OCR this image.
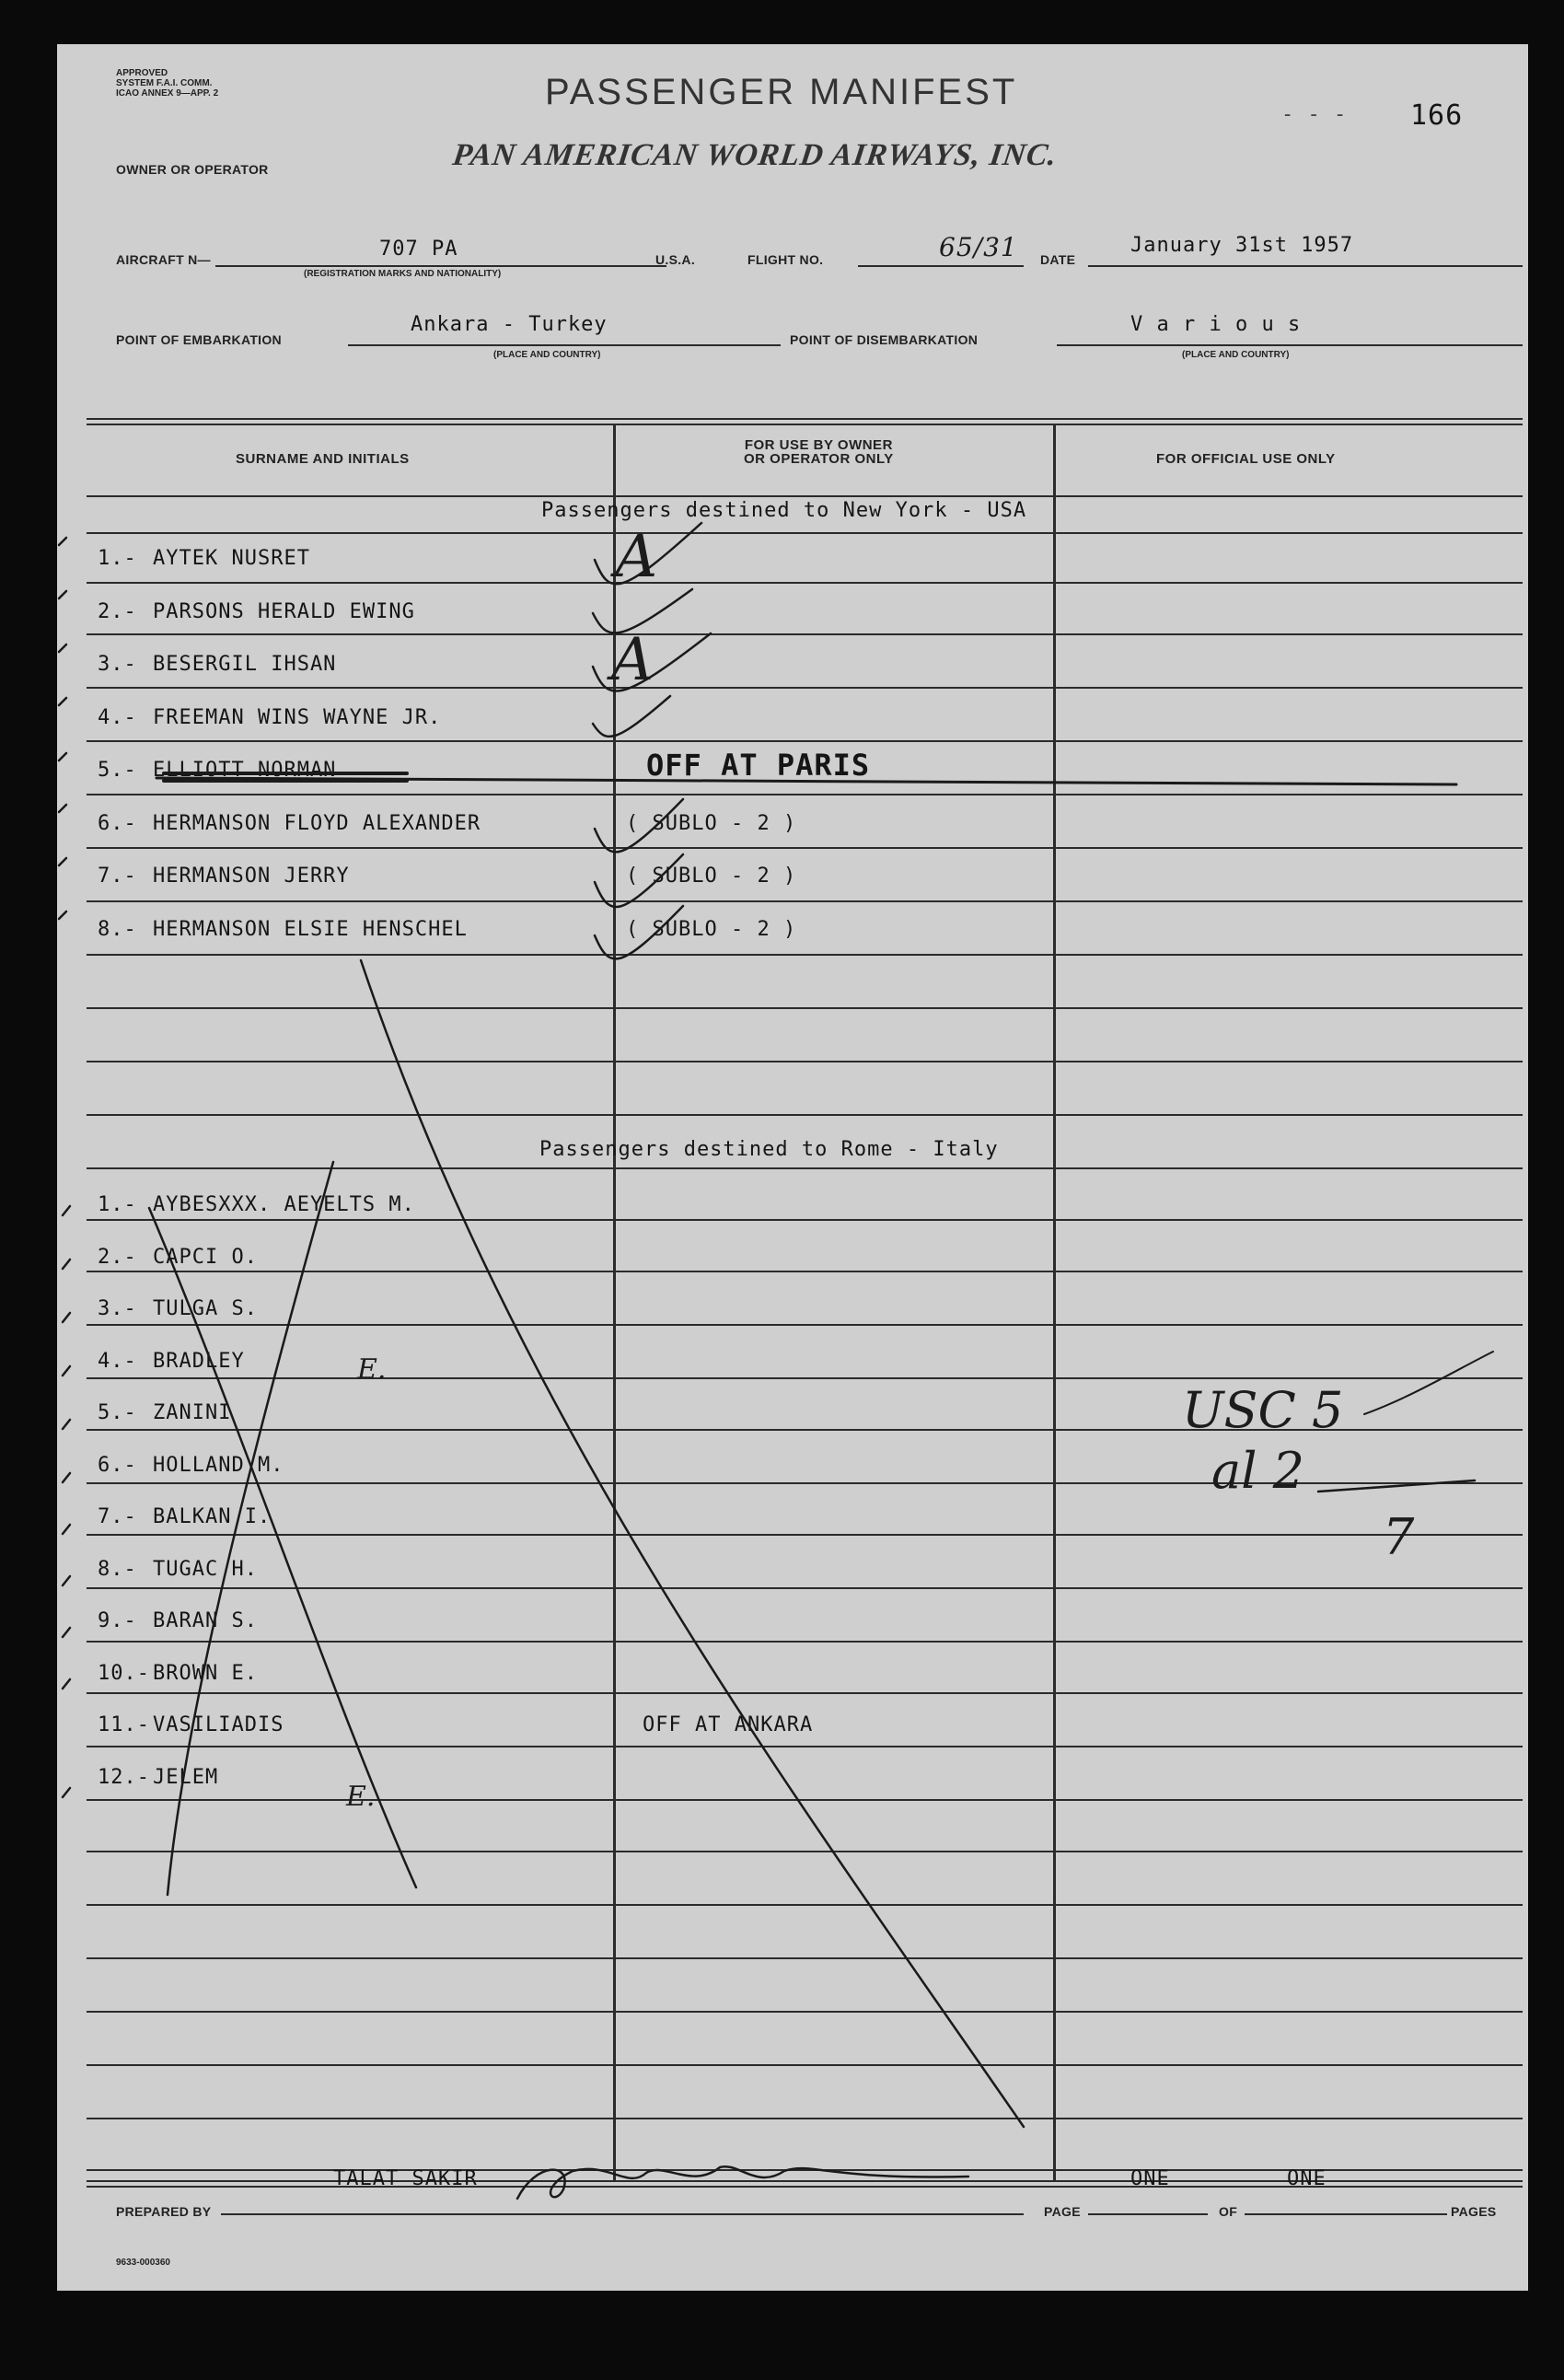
APPROVED
SYSTEM F.A.I. COMM.
ICAO ANNEX 9—APP. 2	PASSENGER MANIFEST
- - - 166
OWNER OR OPERATOR	PAN AMERICAN WORLD AIRWAYS, INC.
AIRCRAFT N—	707 PA
(REGISTRATION MARKS AND NATIONALITY)
U.S.A.	FLIGHT NO.	65/31 DATE
January 31st 1957
POINT OF EMBARKATION
Ankara - Turkey
(PLACE AND COUNTRY)
POINT OF DISEMBARKATION
V a r i o u s
(PLACE AND COUNTRY)
SURNAME AND INITIALS
FOR USE BY OWNER
OR OPERATOR ONLY	FOR OFFICIAL USE ONLY
Passengers destined to New York - USA
Passengers destined to Rome - Italy
1.- AYTEK NUSRET
2.- PARSONS HERALD EWING
3.- BESERGIL IHSAN
4.- FREEMAN WINS WAYNE JR.
5.- ELLIOTT NORMAN	OFF AT PARIS
6.- HERMANSON FLOYD ALEXANDER	( SUBLO - 2 )
7.- HERMANSON JERRY	( SUBLO - 2 )
8.- HERMANSON ELSIE HENSCHEL	( SUBLO - 2 )
1.- AYBESXXX. AEYELTS M.
2.- CAPCI O.
3.- TULGA S.
4.- BRADLEY
5.- ZANINI
6.- HOLLAND M.
7.- BALKAN I.
8.- TUGAC H.
9.- BARAN S.
10.- BROWN E.
11.- VASILIADIS	OFF AT ANKARA
12.- JELEM
A
A
E.
E.
USC 5
al 2
7
TALAT SAKIR
PREPARED BY
ONE
PAGE	OF
ONE
PAGES
9633-000360
